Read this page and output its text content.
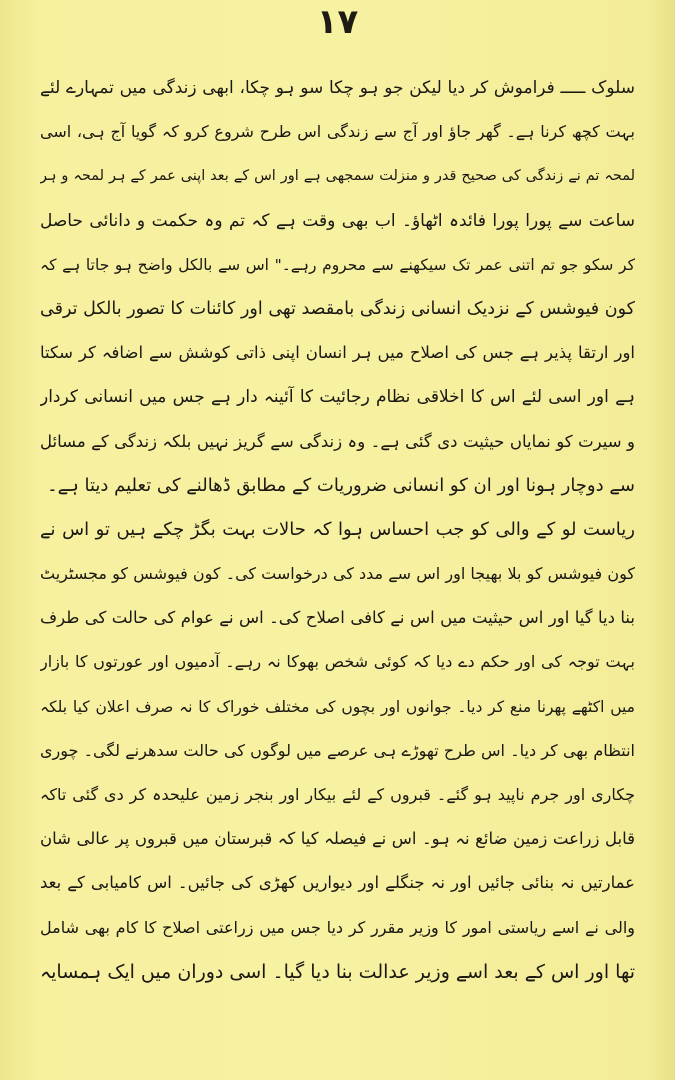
١٧
سلوک ـــــ فراموش کر دیا لیکن جو ہو چکا سو ہو چکا، ابھی زندگی میں تمہارے لئے
بہت کچھ کرنا ہے۔ گھر جاؤ اور آج سے زندگی اس طرح شروع کرو کہ گویا آج ہی، اسی
لمحہ تم نے زندگی کی صحیح قدر و منزلت سمجھی ہے اور اس کے بعد اپنی عمر کے ہر لمحہ و ہر
ساعت سے پورا پورا فائدہ اٹھاؤ۔ اب بھی وقت ہے کہ تم وہ حکمت و دانائی حاصل
کر سکو جو تم اتنی عمر تک سیکھنے سے محروم رہے۔" اس سے بالکل واضح ہو جاتا ہے کہ
کون فیوشس کے نزدیک انسانی زندگی بامقصد تھی اور کائنات کا تصور بالکل ترقی
اور ارتقا پذیر ہے جس کی اصلاح میں ہر انسان اپنی ذاتی کوشش سے اضافہ کر سکتا
ہے اور اسی لئے اس کا اخلاقی نظام رجائیت کا آئینہ دار ہے جس میں انسانی کردار
و سیرت کو نمایاں حیثیت دی گئی ہے۔ وہ زندگی سے گریز نہیں بلکہ زندگی کے مسائل
سے دوچار ہونا اور ان کو انسانی ضروریات کے مطابق ڈھالنے کی تعلیم دیتا ہے۔
ریاست لو کے والی کو جب احساس ہوا کہ حالات بہت بگڑ چکے ہیں تو اس نے
کون فیوشس کو بلا بھیجا اور اس سے مدد کی درخواست کی۔ کون فیوشس کو مجسٹریٹ
بنا دیا گیا اور اس حیثیت میں اس نے کافی اصلاح کی۔ اس نے عوام کی حالت کی طرف
بہت توجہ کی اور حکم دے دیا کہ کوئی شخص بھوکا نہ رہے۔ آدمیوں اور عورتوں کا بازار
میں اکٹھے پھرنا منع کر دیا۔ جوانوں اور بچوں کی مختلف خوراک کا نہ صرف اعلان کیا بلکہ
انتظام بھی کر دیا۔ اس طرح تھوڑے ہی عرصے میں لوگوں کی حالت سدھرنے لگی۔ چوری
چکاری اور جرم ناپید ہو گئے۔ قبروں کے لئے بیکار اور بنجر زمین علیحدہ کر دی گئی تاکہ
قابل زراعت زمین ضائع نہ ہو۔ اس نے فیصلہ کیا کہ قبرستان میں قبروں پر عالی شان
عمارتیں نہ بنائی جائیں اور نہ جنگلے اور دیواریں کھڑی کی جائیں۔ اس کامیابی کے بعد
والی نے اسے ریاستی امور کا وزیر مقرر کر دیا جس میں زراعتی اصلاح کا کام بھی شامل
تھا اور اس کے بعد اسے وزیر عدالت بنا دیا گیا۔ اسی دوران میں ایک ہمسایہ
